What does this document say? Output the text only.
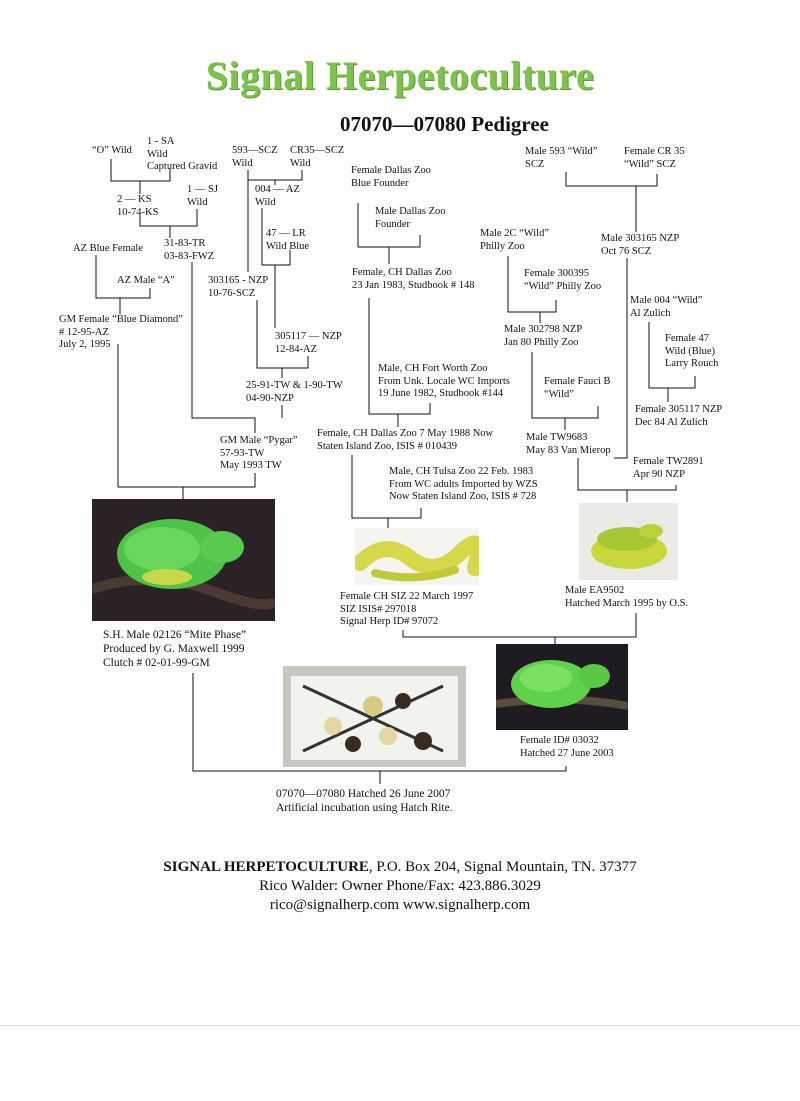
Signal Herpetoculture
07070—07080 Pedigree
“O” Wild
1 - SA
Wild
Captured Gravid
2 — KS
10-74-KS
1 — SJ
Wild
31-83-TR
03-83-FWZ
AZ Blue Female
AZ Male “A”
GM Female “Blue Diamond”
# 12-95-AZ
July 2, 1995
593—SCZ
Wild
CR35—SCZ
Wild
004 — AZ
Wild
47 — LR
Wild Blue
303165 - NZP
10-76-SCZ
305117 — NZP
12-84-AZ
25-91-TW & 1-90-TW
04-90-NZP
GM Male “Pygar”
57-93-TW
May 1993 TW
Female Dallas Zoo
Blue Founder
Male Dallas Zoo
Founder
Female, CH Dallas Zoo
23 Jan 1983, Studbook # 148
Male, CH Fort Worth Zoo
From Unk. Locale WC Imports
19 June 1982, Studbook #144
Female, CH Dallas Zoo 7 May 1988 Now
Staten Island Zoo, ISIS # 010439
Male, CH Tulsa Zoo 22 Feb. 1983
From WC adults Imported by WZS
Now Staten Island Zoo, ISIS # 728
Male 593 “Wild”
SCZ
Female CR 35
“Wild” SCZ
Male 2C “Wild”
Philly Zoo
Female 300395
“Wild” Philly Zoo
Male 303165 NZP
Oct 76 SCZ
Male 302798 NZP
Jan 80 Philly Zoo
Male 004 “Wild”
Al Zulich
Female 47
Wild (Blue)
Larry Rouch
Female Fauci B
“Wild”
Female 305117 NZP
Dec 84 Al Zulich
Male TW9683
May 83 Van Mierop
Female TW2891
Apr 90 NZP
S.H. Male 02126 “Mite Phase”
Produced by G. Maxwell 1999
Clutch # 02-01-99-GM
Female CH SIZ 22 March 1997
SIZ ISIS# 297018
Signal Herp ID# 97072
Male EA9502
Hatched March 1995 by O.S.
Female ID# 03032
Hatched 27 June 2003
07070—07080 Hatched 26 June 2007
Artificial incubation using Hatch Rite.
SIGNAL HERPETOCULTURE, P.O. Box 204, Signal Mountain, TN. 37377
Rico Walder: Owner Phone/Fax: 423.886.3029
rico@signalherp.com www.signalherp.com
